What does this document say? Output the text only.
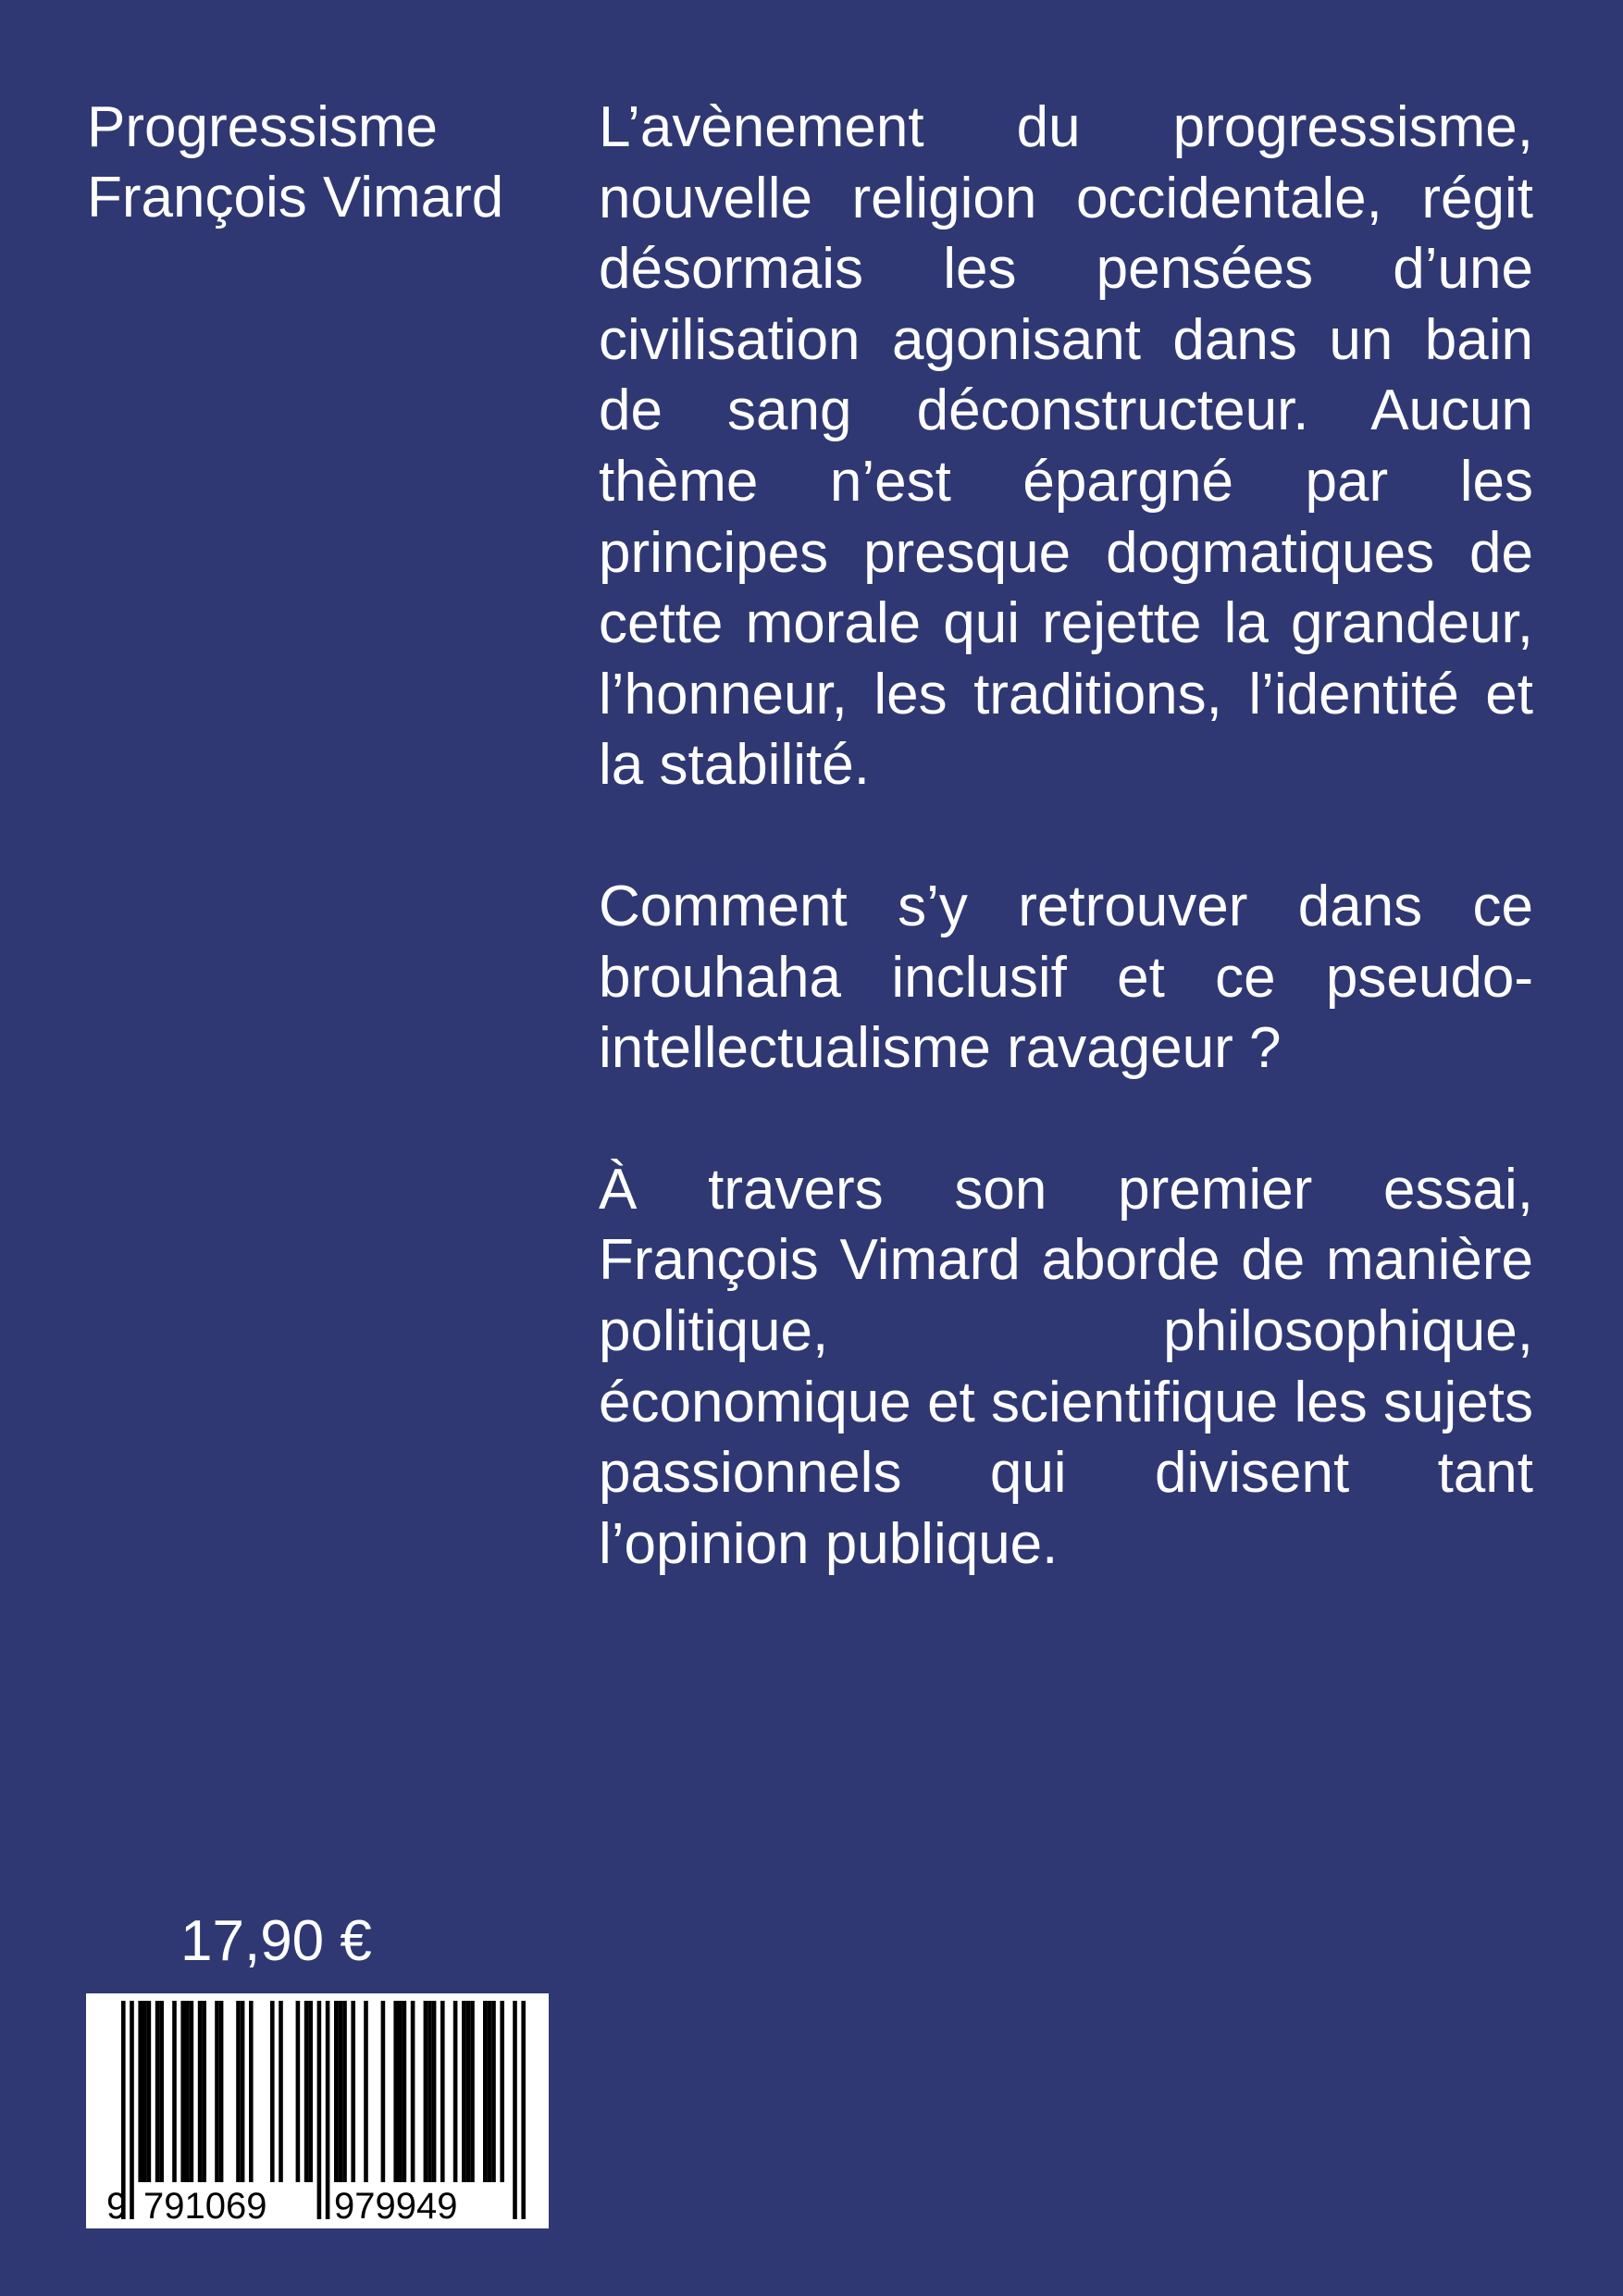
Progressisme
François Vimard

L’avènement du progressisme, nouvelle religion occidentale, régit désormais les pensées d’une civilisation agonisant dans un bain de sang déconstructeur. Aucun thème n’est épargné par les principes presque dogmatiques de cette morale qui rejette la grandeur, l’honneur, les traditions, l’identité et la stabilité.

Comment s’y retrouver dans ce brouhaha inclusif et ce pseudo-intellectualisme ravageur ?

À travers son premier essai, François Vimard aborde de manière politique, philosophique, économique et scientifique les sujets passionnels qui divisent tant l’opinion publique.

17,90 €
9 791069 979949
